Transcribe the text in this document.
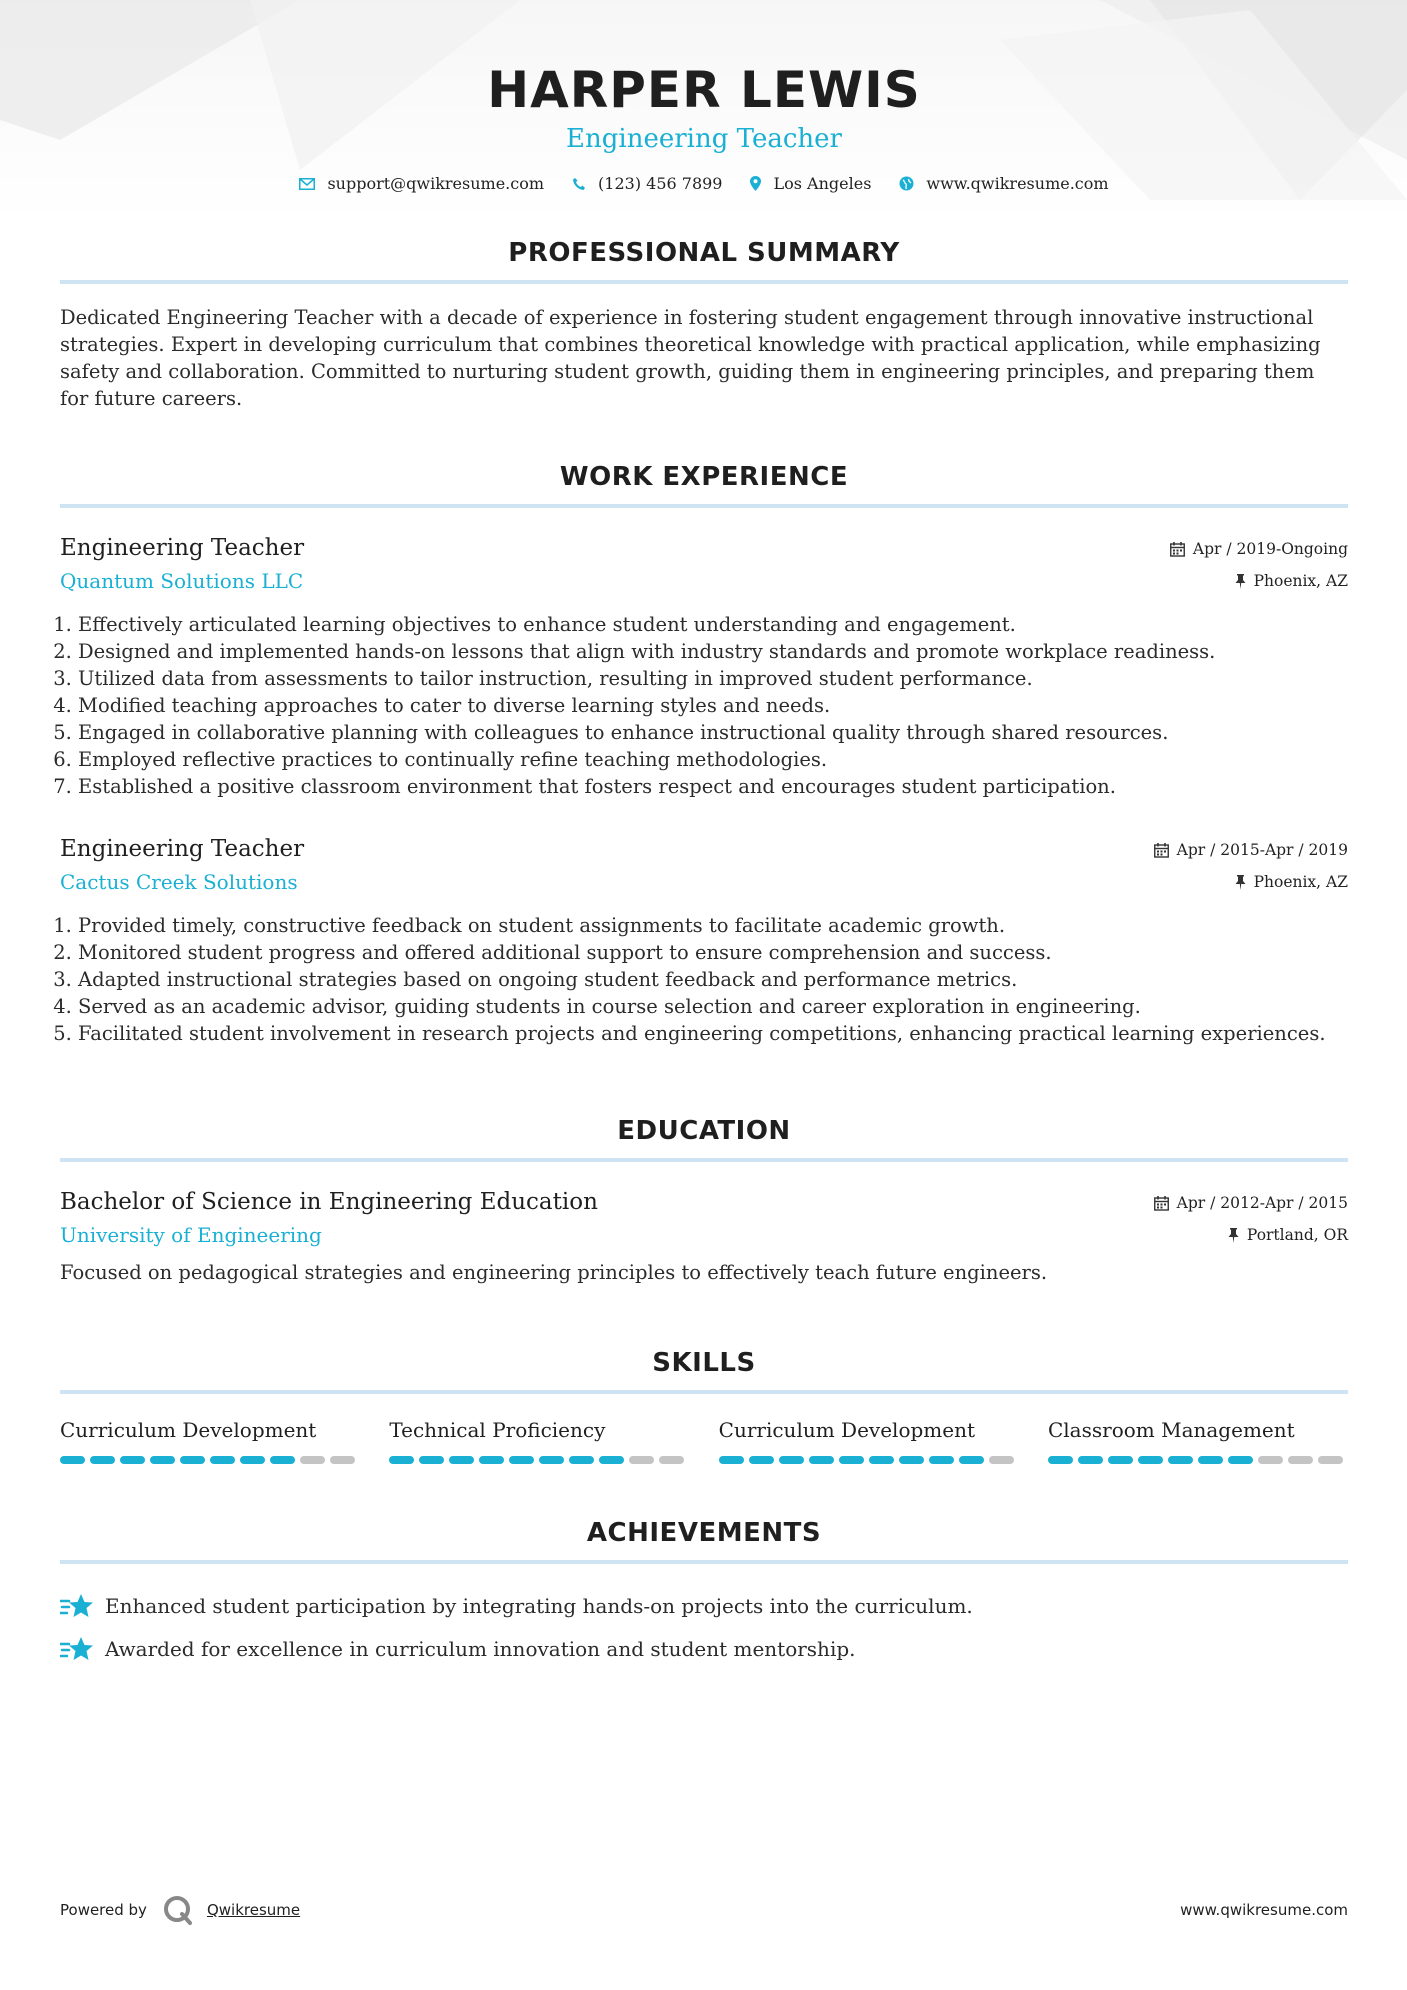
HARPER LEWIS
Engineering Teacher
support@qwikresume.com	(123) 456 7899	Los Angeles	www.qwikresume.com
PROFESSIONAL SUMMARY
Dedicated Engineering Teacher with a decade of experience in fostering student engagement through innovative instructional strategies. Expert in developing curriculum that combines theoretical knowledge with practical application, while emphasizing safety and collaboration. Committed to nurturing student growth, guiding them in engineering principles, and preparing them for future careers.
WORK EXPERIENCE
Engineering Teacher
Quantum Solutions LLC
Apr / 2019-Ongoing
Phoenix, AZ
1. Effectively articulated learning objectives to enhance student understanding and engagement.
2. Designed and implemented hands-on lessons that align with industry standards and promote workplace readiness.
3. Utilized data from assessments to tailor instruction, resulting in improved student performance.
4. Modified teaching approaches to cater to diverse learning styles and needs.
5. Engaged in collaborative planning with colleagues to enhance instructional quality through shared resources.
6. Employed reflective practices to continually refine teaching methodologies.
7. Established a positive classroom environment that fosters respect and encourages student participation.
Engineering Teacher
Cactus Creek Solutions
Apr / 2015-Apr / 2019
Phoenix, AZ
1. Provided timely, constructive feedback on student assignments to facilitate academic growth.
2. Monitored student progress and offered additional support to ensure comprehension and success.
3. Adapted instructional strategies based on ongoing student feedback and performance metrics.
4. Served as an academic advisor, guiding students in course selection and career exploration in engineering.
5. Facilitated student involvement in research projects and engineering competitions, enhancing practical learning experiences.
EDUCATION
Bachelor of Science in Engineering Education
University of Engineering
Apr / 2012-Apr / 2015
Portland, OR
Focused on pedagogical strategies and engineering principles to effectively teach future engineers.
SKILLS
Curriculum Development	Technical Proficiency	Curriculum Development	Classroom Management
ACHIEVEMENTS
Enhanced student participation by integrating hands-on projects into the curriculum.
Awarded for excellence in curriculum innovation and student mentorship.
Powered by	Qwikresume	www.qwikresume.com
